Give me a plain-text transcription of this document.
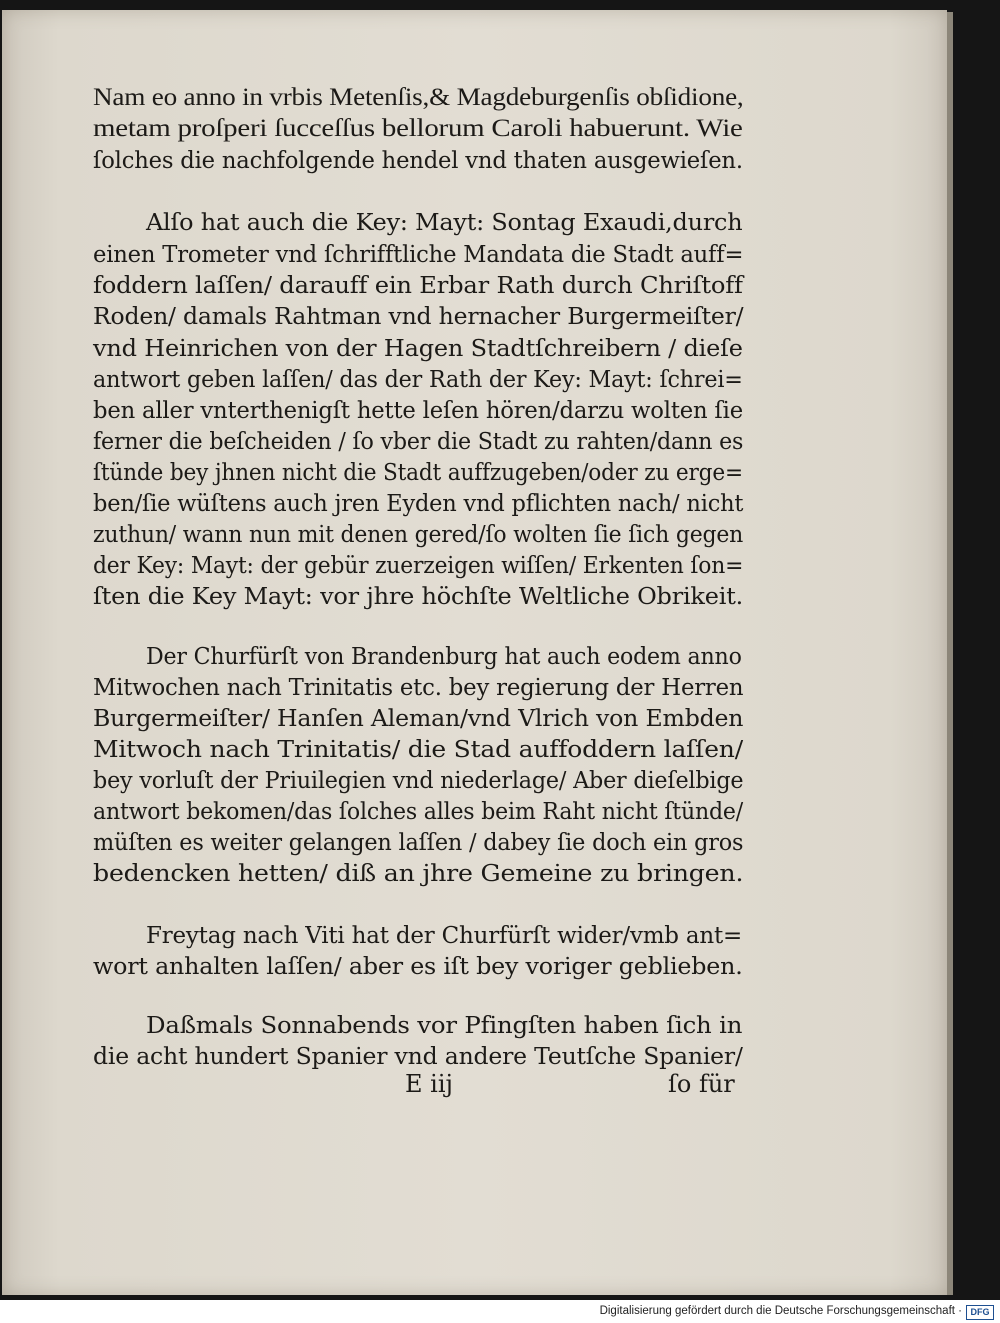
Nam eo anno in vrbis Metenſis,& Magdeburgenſis obſidione,
metam proſperi ſucceſſus bellorum Caroli habuerunt. Wie
ſolches die nachfolgende hendel vnd thaten ausgewieſen.
Alſo hat auch die Key: Mayt: Sontag Exaudi,durch
einen Trometer vnd ſchrifftliche Mandata die Stadt auff=
foddern laſſen/ darauff ein Erbar Rath durch Chriſtoff
Roden/ damals Rahtman vnd hernacher Burgermeiſter/
vnd Heinrichen von der Hagen Stadtſchreibern / dieſe
antwort geben laſſen/ das der Rath der Key: Mayt: ſchrei=
ben aller vnterthenigſt hette leſen hören/darzu wolten ſie
ferner die beſcheiden / ſo vber die Stadt zu rahten/dann es
ſtünde bey jhnen nicht die Stadt auffzugeben/oder zu erge=
ben/ſie wüſtens auch jren Eyden vnd pflichten nach/ nicht
zuthun/ wann nun mit denen gered/ſo wolten ſie ſich gegen
der Key: Mayt: der gebür zuerzeigen wiſſen/ Erkenten ſon=
ſten die Key Mayt: vor jhre höchſte Weltliche Obrikeit.
Der Churfürſt von Brandenburg hat auch eodem anno
Mitwochen nach Trinitatis etc. bey regierung der Herren
Burgermeiſter/ Hanſen Aleman/vnd Vlrich von Embden
Mitwoch nach Trinitatis/ die Stad auffoddern laſſen/
bey vorluſt der Priuilegien vnd niederlage/ Aber dieſelbige
antwort bekomen/das ſolches alles beim Raht nicht ſtünde/
müſten es weiter gelangen laſſen / dabey ſie doch ein gros
bedencken hetten/ diß an jhre Gemeine zu bringen.
Freytag nach Viti hat der Churfürſt wider/vmb ant=
wort anhalten laſſen/ aber es iſt bey voriger geblieben.
Daßmals Sonnabends vor Pfingſten haben ſich in
die acht hundert Spanier vnd andere Teutſche Spanier/
E iij	ſo für
Digitalisierung gefördert durch die Deutsche Forschungsgemeinschaft · DFG
